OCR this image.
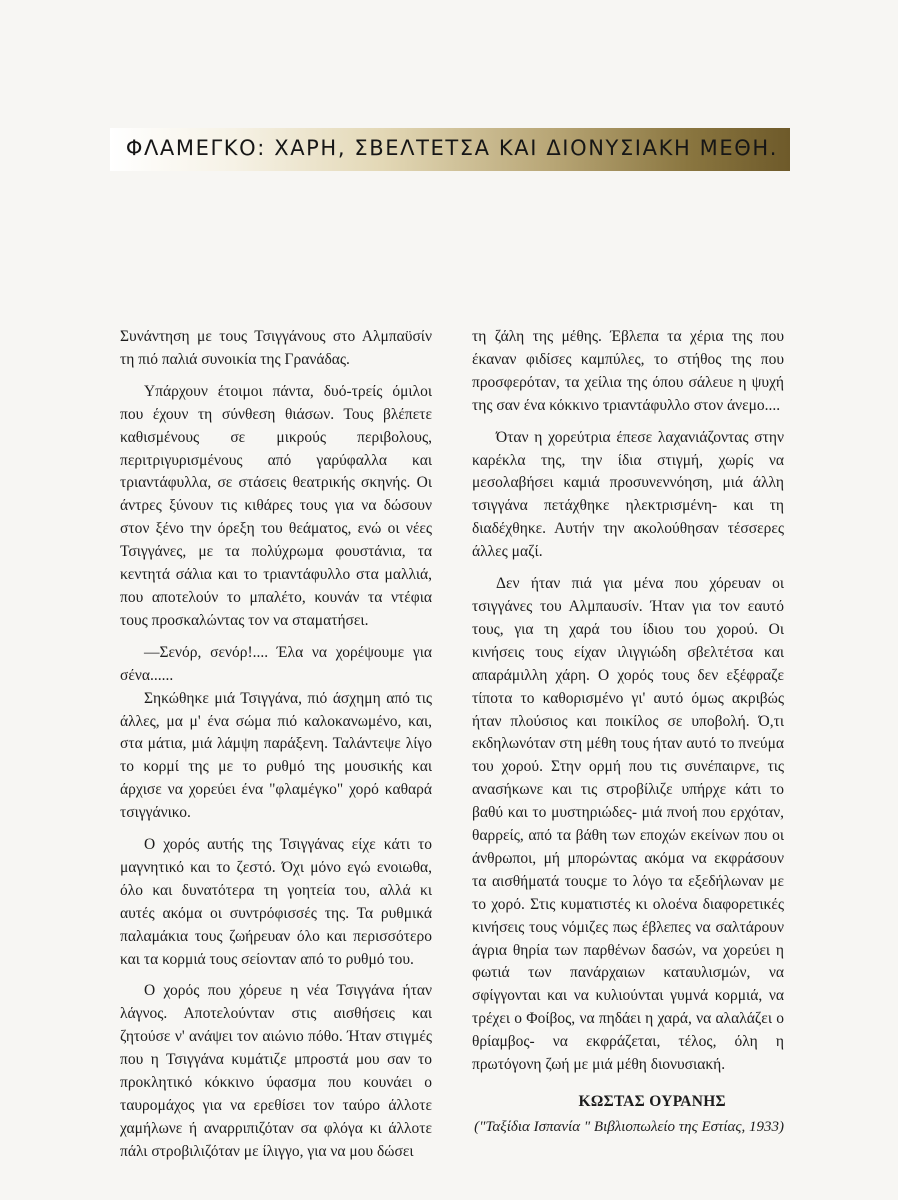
ΦΛΑΜΕΓΚΟ: ΧΑΡΗ, ΣΒΕΛΤΕΤΣΑ ΚΑΙ ΔΙΟΝΥΣΙΑΚΗ ΜΕΘΗ.

Συνάντηση με τους Τσιγγάνους στο Αλμπαϋσίν τη πιό παλιά συνοικία της Γρανάδας.

Υπάρχουν έτοιμοι πάντα, δυό-τρείς όμιλοι που έχουν τη σύνθεση θιάσων. Τους βλέπετε καθισμένους σε μικρούς περιβολους, περιτριγυρισμένους από γαρύφαλλα και τριαντάφυλλα, σε στάσεις θεατρικής σκηνής. Οι άντρες ξύνουν τις κιθάρες τους για να δώσουν στον ξένο την όρεξη του θεάματος, ενώ οι νέες Τσιγγάνες, με τα πολύχρωμα φουστάνια, τα κεντητά σάλια και το τριαντάφυλλο στα μαλλιά, που αποτελούν το μπαλέτο, κουνάν τα ντέφια τους προσκαλώντας τον να σταματήσει.

—Σενόρ, σενόρ!.... Έλα να χορέψουμε για σένα......

Σηκώθηκε μιά Τσιγγάνα, πιό άσχημη από τις άλλες, μα μ' ένα σώμα πιό καλοκανωμένο, και, στα μάτια, μιά λάμψη παράξενη. Ταλάντεψε λίγο το κορμί της με το ρυθμό της μουσικής και άρχισε να χορεύει ένα "φλαμέγκο" χορό καθαρά τσιγγάνικο.

Ο χορός αυτής της Τσιγγάνας είχε κάτι το μαγνητικό και το ζεστό. Όχι μόνο εγώ ενοιωθα, όλο και δυνατότερα τη γοητεία του, αλλά κι αυτές ακόμα οι συντρόφισσές της. Τα ρυθμικά παλαμάκια τους ζωήρευαν όλο και περισσότερο και τα κορμιά τους σείονταν από το ρυθμό του.

Ο χορός που χόρευε η νέα Τσιγγάνα ήταν λάγνος. Αποτελούνταν στις αισθήσεις και ζητούσε ν' ανάψει τον αιώνιο πόθο. Ήταν στιγμές που η Τσιγγάνα κυμάτιζε μπροστά μου σαν το προκλητικό κόκκινο ύφασμα που κουνάει ο ταυρομάχος για να ερεθίσει τον ταύρο άλλοτε χαμήλωνε ή αναρριπιζόταν σα φλόγα κι άλλοτε πάλι στροβιλιζόταν με ίλιγγο, για να μου δώσει

τη ζάλη της μέθης. Έβλεπα τα χέρια της που έκαναν φιδίσες καμπύλες, το στήθος της που προσφερόταν, τα χείλια της όπου σάλευε η ψυχή της σαν ένα κόκκινο τριαντάφυλλο στον άνεμο....

Όταν η χορεύτρια έπεσε λαχανιάζοντας στην καρέκλα της, την ίδια στιγμή, χωρίς να μεσολαβήσει καμιά προσυνεννόηση, μιά άλλη τσιγγάνα πετάχθηκε ηλεκτρισμένη- και τη διαδέχθηκε. Αυτήν την ακολούθησαν τέσσερες άλλες μαζί.

Δεν ήταν πιά για μένα που χόρευαν οι τσιγγάνες του Αλμπαυσίν. Ήταν για τον εαυτό τους, για τη χαρά του ίδιου του χορού. Οι κινήσεις τους είχαν ιλιγγιώδη σβελτέτσα και απαράμιλλη χάρη. Ο χορός τους δεν εξέφραζε τίποτα το καθορισμένο γι' αυτό όμως ακριβώς ήταν πλούσιος και ποικίλος σε υποβολή. Ό,τι εκδηλωνόταν στη μέθη τους ήταν αυτό το πνεύμα του χορού. Στην ορμή που τις συνέπαιρνε, τις ανασήκωνε και τις στροβίλιζε υπήρχε κάτι το βαθύ και το μυστηριώδες- μιά πνοή που ερχόταν, θαρρείς, από τα βάθη των εποχών εκείνων που οι άνθρωποι, μή μπορώντας ακόμα να εκφράσουν τα αισθήματά τουςμε το λόγο τα εξεδήλωναν με το χορό. Στις κυματιστές κι ολοένα διαφορετικές κινήσεις τους νόμιζες πως έβλεπες να σαλτάρουν άγρια θηρία των παρθένων δασών, να χορεύει η φωτιά των πανάρχαιων καταυλισμών, να σφίγγονται και να κυλιούνται γυμνά κορμιά, να τρέχει ο Φοίβος, να πηδάει η χαρά, να αλαλάζει ο θρίαμβος- να εκφράζεται, τέλος, όλη η πρωτόγονη ζωή με μιά μέθη διονυσιακή.

ΚΩΣΤΑΣ ΟΥΡΑΝΗΣ
("Ταξίδια Ισπανία " Βιβλιοπωλείο της Εστίας, 1933)
